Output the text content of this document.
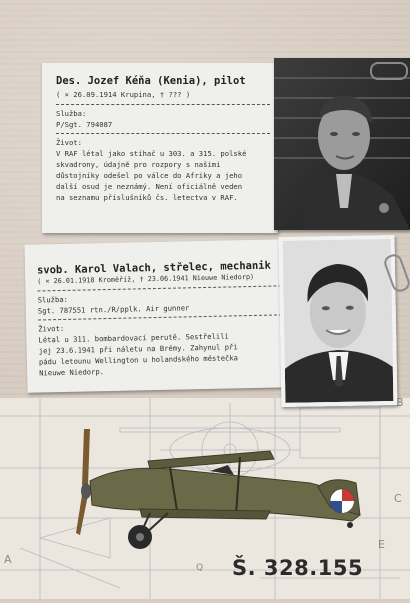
B
C
E
A
Q
Des. Jozef Kéňa (Kenia), pilot
( × 26.09.1914 Krupina, † ??? )
Služba:
P/Sgt. 794087
Život:
V RAF létal jako stíhač u 303. a 315. polské
skvadrony, údajně pro rozpory s našimi
důstojníky odešel po válce do Afriky a jeho
další osud je neznámý. Není oficiálně veden
na seznamu příslušníků čs. letectva v RAF.
svob. Karol Valach, střelec, mechanik
( × 26.01.1918 Kroměříž, † 23.06.1941 Nieuwe Niedorp)
Služba:
Sgt. 787551 rtn./R/pplk. Air gunner
Život:
Létal u 311. bombardovací perutě. Sestřelili
jej 23.6.1941 při náletu na Brémy. Zahynul při
pádu letounu Wellington u holandského městečka
Nieuwe Niedorp.
Š. 328.155
